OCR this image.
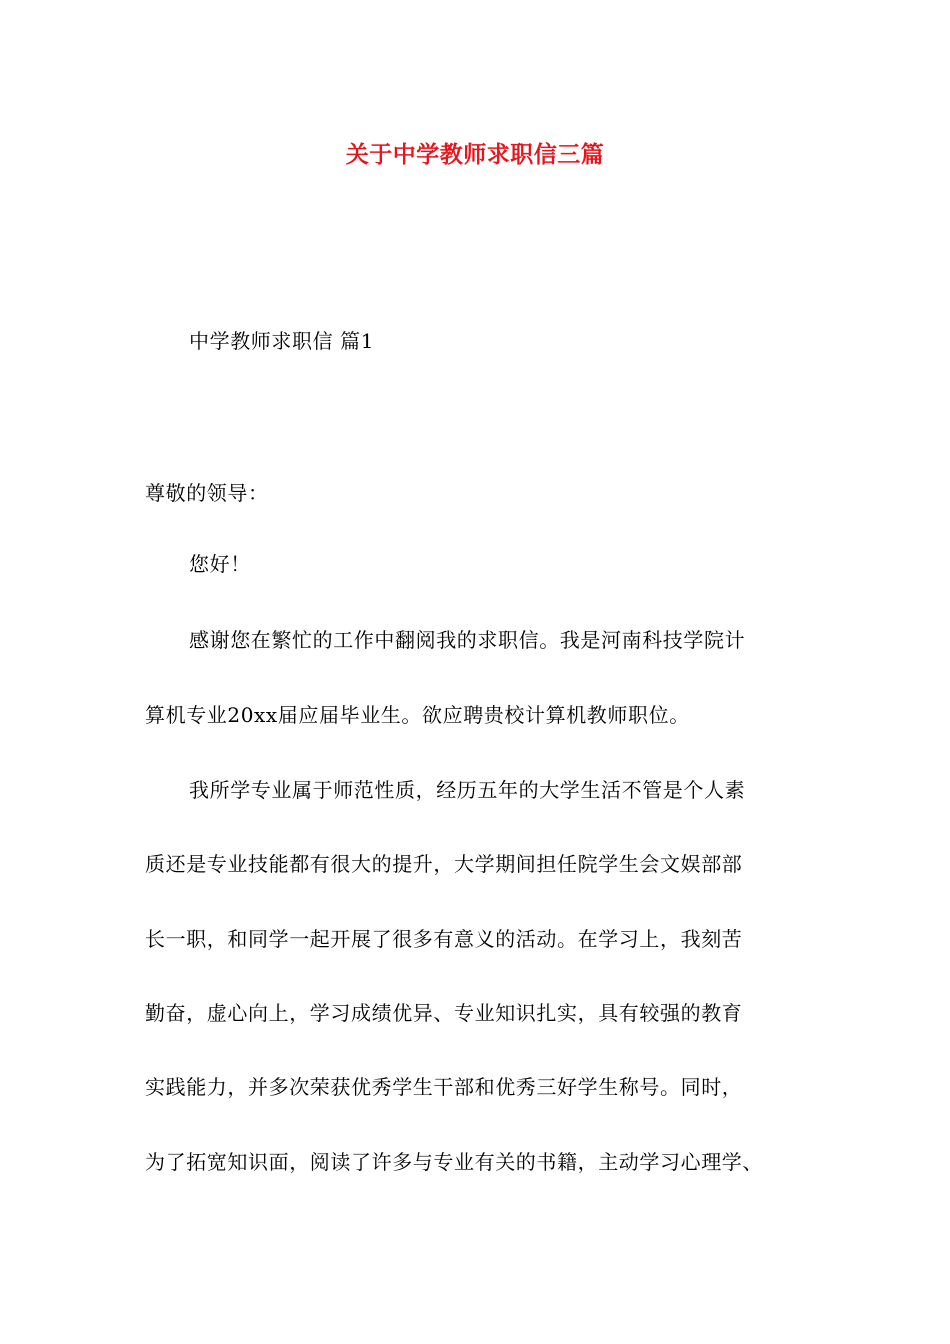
关于中学教师求职信三篇
中学教师求职信 篇1
尊敬的领导：
您好！
感谢您在繁忙的工作中翻阅我的求职信。我是河南科技学院计
算机专业20xx届应届毕业生。欲应聘贵校计算机教师职位。
我所学专业属于师范性质，经历五年的大学生活不管是个人素
质还是专业技能都有很大的提升，大学期间担任院学生会文娱部部
长一职，和同学一起开展了很多有意义的活动。在学习上，我刻苦
勤奋，虚心向上，学习成绩优异、专业知识扎实，具有较强的教育
实践能力，并多次荣获优秀学生干部和优秀三好学生称号。同时，
为了拓宽知识面，阅读了许多与专业有关的书籍，主动学习心理学、
